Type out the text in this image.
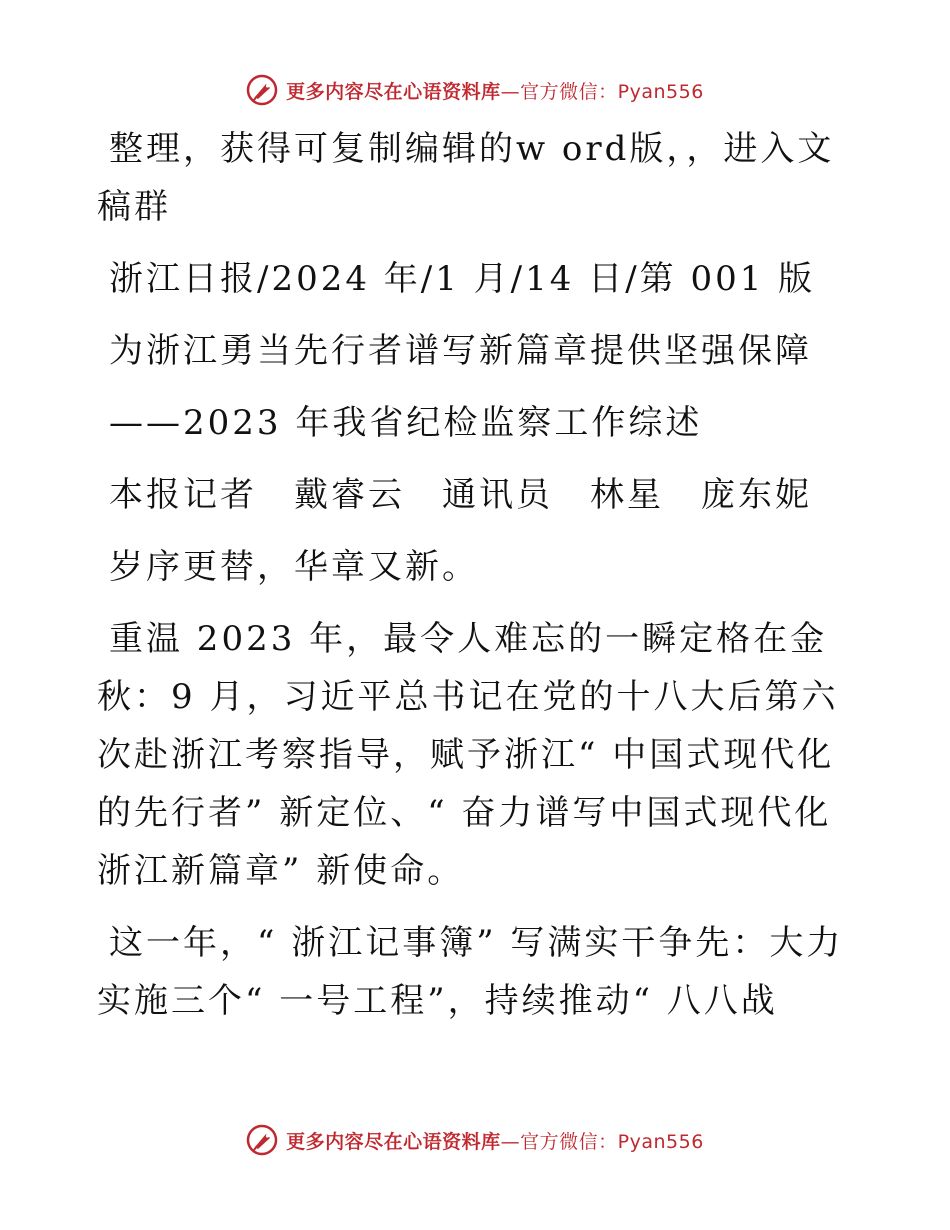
更多内容尽在心语资料库—官方微信：Pyan556

整理，获得可复制编辑的w ord版，，进入文稿群

浙江日报/2024 年/1 月/14 日/第 001 版

为浙江勇当先行者谱写新篇章提供坚强保障

——2023 年我省纪检监察工作综述

本报记者　戴睿云　通讯员　林星　庞东妮

岁序更替，华章又新。

重温 2023 年，最令人难忘的一瞬定格在金秋：9 月，习近平总书记在党的十八大后第六次赴浙江考察指导，赋予浙江“ 中国式现代化的先行者” 新定位、“ 奋力谱写中国式现代化浙江新篇章” 新使命。

这一年，“ 浙江记事簿” 写满实干争先：大力实施三个“ 一号工程”，持续推动“ 八八战

更多内容尽在心语资料库—官方微信：Pyan556
